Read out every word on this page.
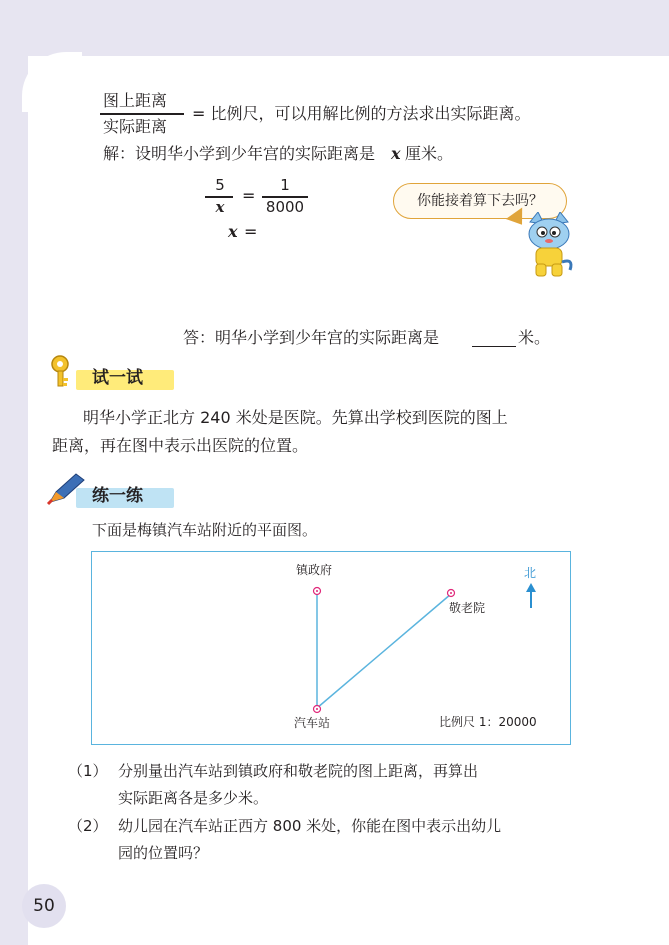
图上距离
实际距离
= 比例尺，可以用解比例的方法求出实际距离。
解：设明华小学到少年宫的实际距离是 x 厘米。
5
x
=
1
8000
x =
你能接着算下去吗？
答：明华小学到少年宫的实际距离是	米。
试一试
明华小学正北方 240 米处是医院。先算出学校到医院的图上
距离，再在图中表示出医院的位置。
练一练
下面是梅镇汽车站附近的平面图。
镇政府
敬老院
汽车站
北
比例尺 1：20000
（1） 分别量出汽车站到镇政府和敬老院的图上距离，再算出
实际距离各是多少米。
（2） 幼儿园在汽车站正西方 800 米处，你能在图中表示出幼儿
园的位置吗？
50
